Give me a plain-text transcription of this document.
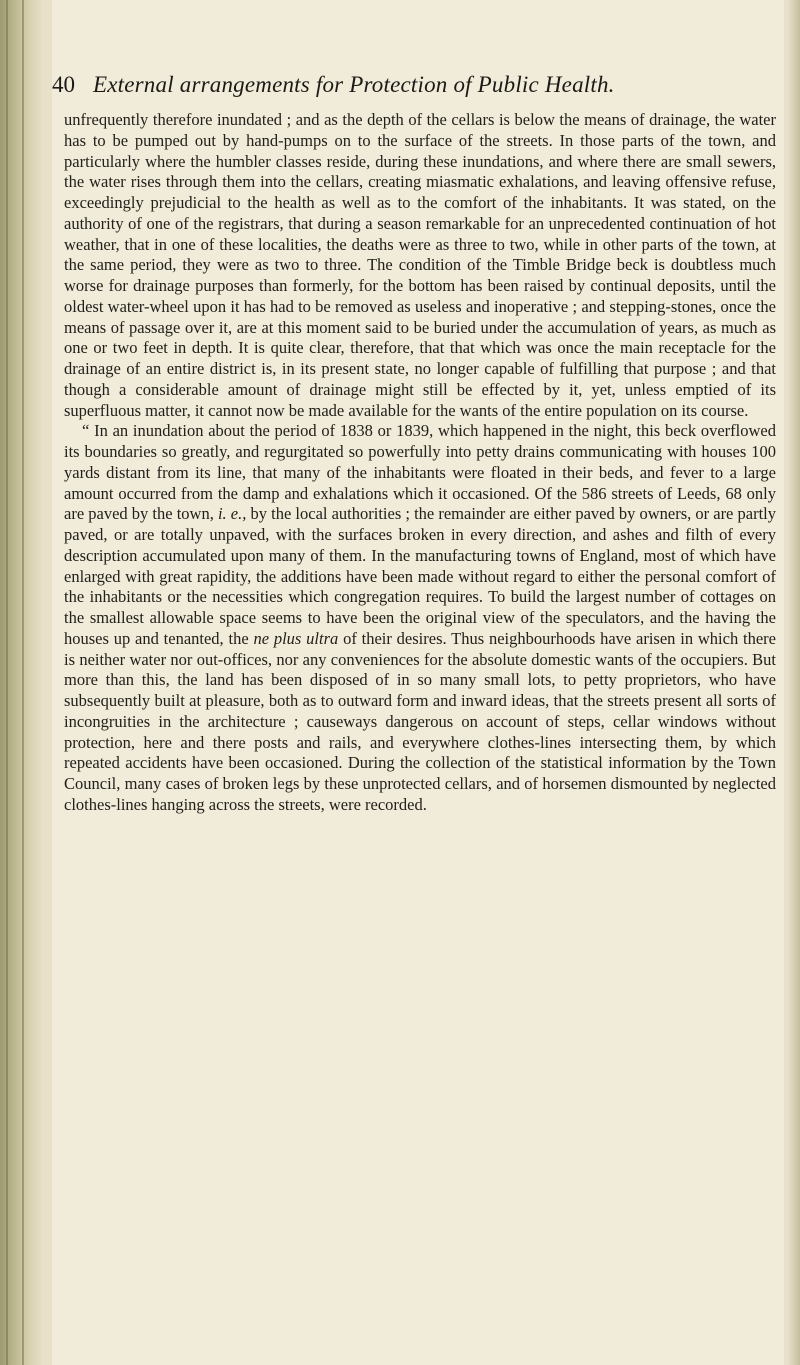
40 External arrangements for Protection of Public Health.

unfrequently therefore inundated ; and as the depth of the cellars is below the means of drainage, the water has to be pumped out by hand-pumps on to the surface of the streets. In those parts of the town, and particularly where the humbler classes reside, during these inundations, and where there are small sewers, the water rises through them into the cellars, creating miasmatic exhalations, and leaving offensive refuse, exceedingly prejudicial to the health as well as to the comfort of the inhabitants. It was stated, on the authority of one of the registrars, that during a season remarkable for an unprecedented continuation of hot weather, that in one of these localities, the deaths were as three to two, while in other parts of the town, at the same period, they were as two to three. The condition of the Timble Bridge beck is doubtless much worse for drainage purposes than formerly, for the bottom has been raised by continual deposits, until the oldest water-wheel upon it has had to be removed as useless and inoperative ; and stepping-stones, once the means of passage over it, are at this moment said to be buried under the accumulation of years, as much as one or two feet in depth. It is quite clear, therefore, that that which was once the main receptacle for the drainage of an entire district is, in its present state, no longer capable of fulfilling that purpose ; and that though a considerable amount of drainage might still be effected by it, yet, unless emptied of its superfluous matter, it cannot now be made available for the wants of the entire population on its course.

“ In an inundation about the period of 1838 or 1839, which happened in the night, this beck overflowed its boundaries so greatly, and regurgitated so powerfully into petty drains communicating with houses 100 yards distant from its line, that many of the inhabitants were floated in their beds, and fever to a large amount occurred from the damp and exhalations which it occasioned. Of the 586 streets of Leeds, 68 only are paved by the town, i. e., by the local authorities ; the remainder are either paved by owners, or are partly paved, or are totally unpaved, with the surfaces broken in every direction, and ashes and filth of every description accumulated upon many of them. In the manufacturing towns of England, most of which have enlarged with great rapidity, the additions have been made without regard to either the personal comfort of the inhabitants or the necessities which congregation requires. To build the largest number of cottages on the smallest allowable space seems to have been the original view of the speculators, and the having the houses up and tenanted, the ne plus ultra of their desires. Thus neighbourhoods have arisen in which there is neither water nor out-offices, nor any conveniences for the absolute domestic wants of the occupiers. But more than this, the land has been disposed of in so many small lots, to petty proprietors, who have subsequently built at pleasure, both as to outward form and inward ideas, that the streets present all sorts of incongruities in the architecture ; causeways dangerous on account of steps, cellar windows without protection, here and there posts and rails, and everywhere clothes-lines intersecting them, by which repeated accidents have been occasioned. During the collection of the statistical information by the Town Council, many cases of broken legs by these unprotected cellars, and of horsemen dismounted by neglected clothes-lines hanging across the streets, were recorded.
